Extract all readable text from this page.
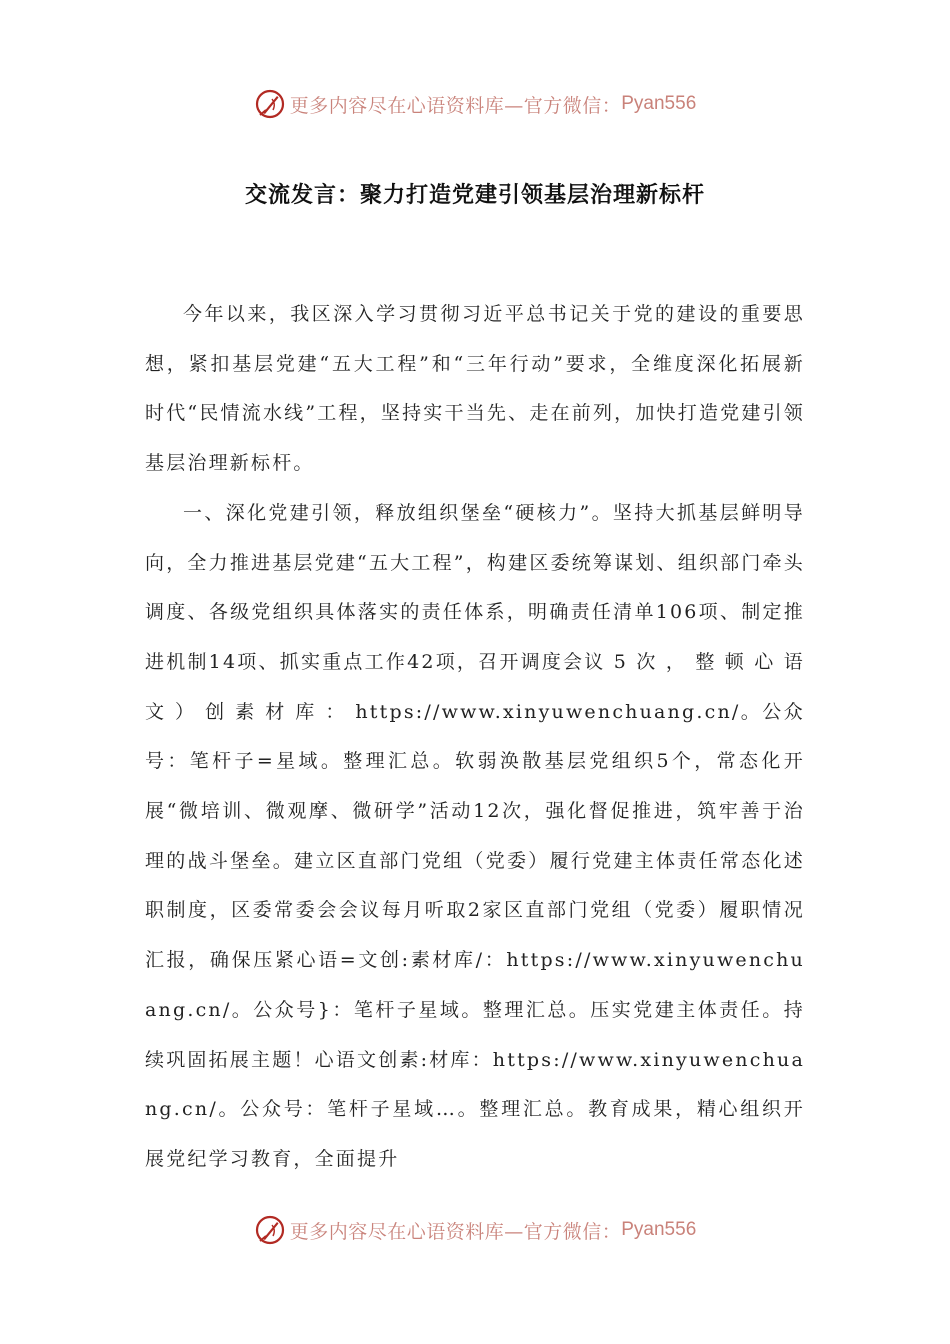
更多内容尽在心语资料库—官方微信： Pyan556
交流发言：聚力打造党建引领基层治理新标杆

今年以来，我区深入学习贯彻习近平总书记关于党的建设的重要思想，紧扣基层党建“五大工程”和“三年行动”要求，全维度深化拓展新时代“民情流水线”工程，坚持实干当先、走在前列，加快打造党建引领基层治理新标杆。

一、深化党建引领，释放组织堡垒“硬核力”。坚持大抓基层鲜明导向，全力推进基层党建“五大工程”，构建区委统筹谋划、组织部门牵头调度、各级党组织具体落实的责任体系，明确责任清单106项、制定推进机制14项、抓实重点工作42项，召开调度会议 5 次 ， 整 顿 心 语 文 ） 创 素 材 库 ： https://www.xinyuwenchuang.cn/。公众号：笔杆子=星域。整理汇总。软弱涣散基层党组织5个，常态化开展“微培训、微观摩、微研学”活动12次，强化督促推进，筑牢善于治理的战斗堡垒。建立区直部门党组（党委）履行党建主体责任常态化述职制度，区委常委会会议每月听取2家区直部门党组（党委）履职情况汇报，确保压紧心语=文创:素材库/：https://www.xinyuwenchuang.cn/。公众号}：笔杆子星域。整理汇总。压实党建主体责任。持续巩固拓展主题！心语文创素:材库：https://www.xinyuwenchuang.cn/。公众号：笔杆子星域…。整理汇总。教育成果，精心组织开展党纪学习教育，全面提升

更多内容尽在心语资料库—官方微信： Pyan556
